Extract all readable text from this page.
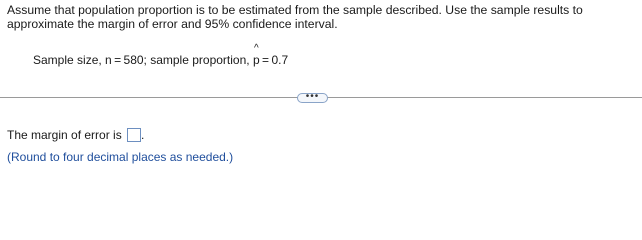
Assume that population proportion is to be estimated from the sample described. Use the sample results to approximate the margin of error and 95% confidence interval.
Sample size, n = 580; sample proportion,
^
p = 0.7
•••
The margin of error is .
(Round to four decimal places as needed.)
